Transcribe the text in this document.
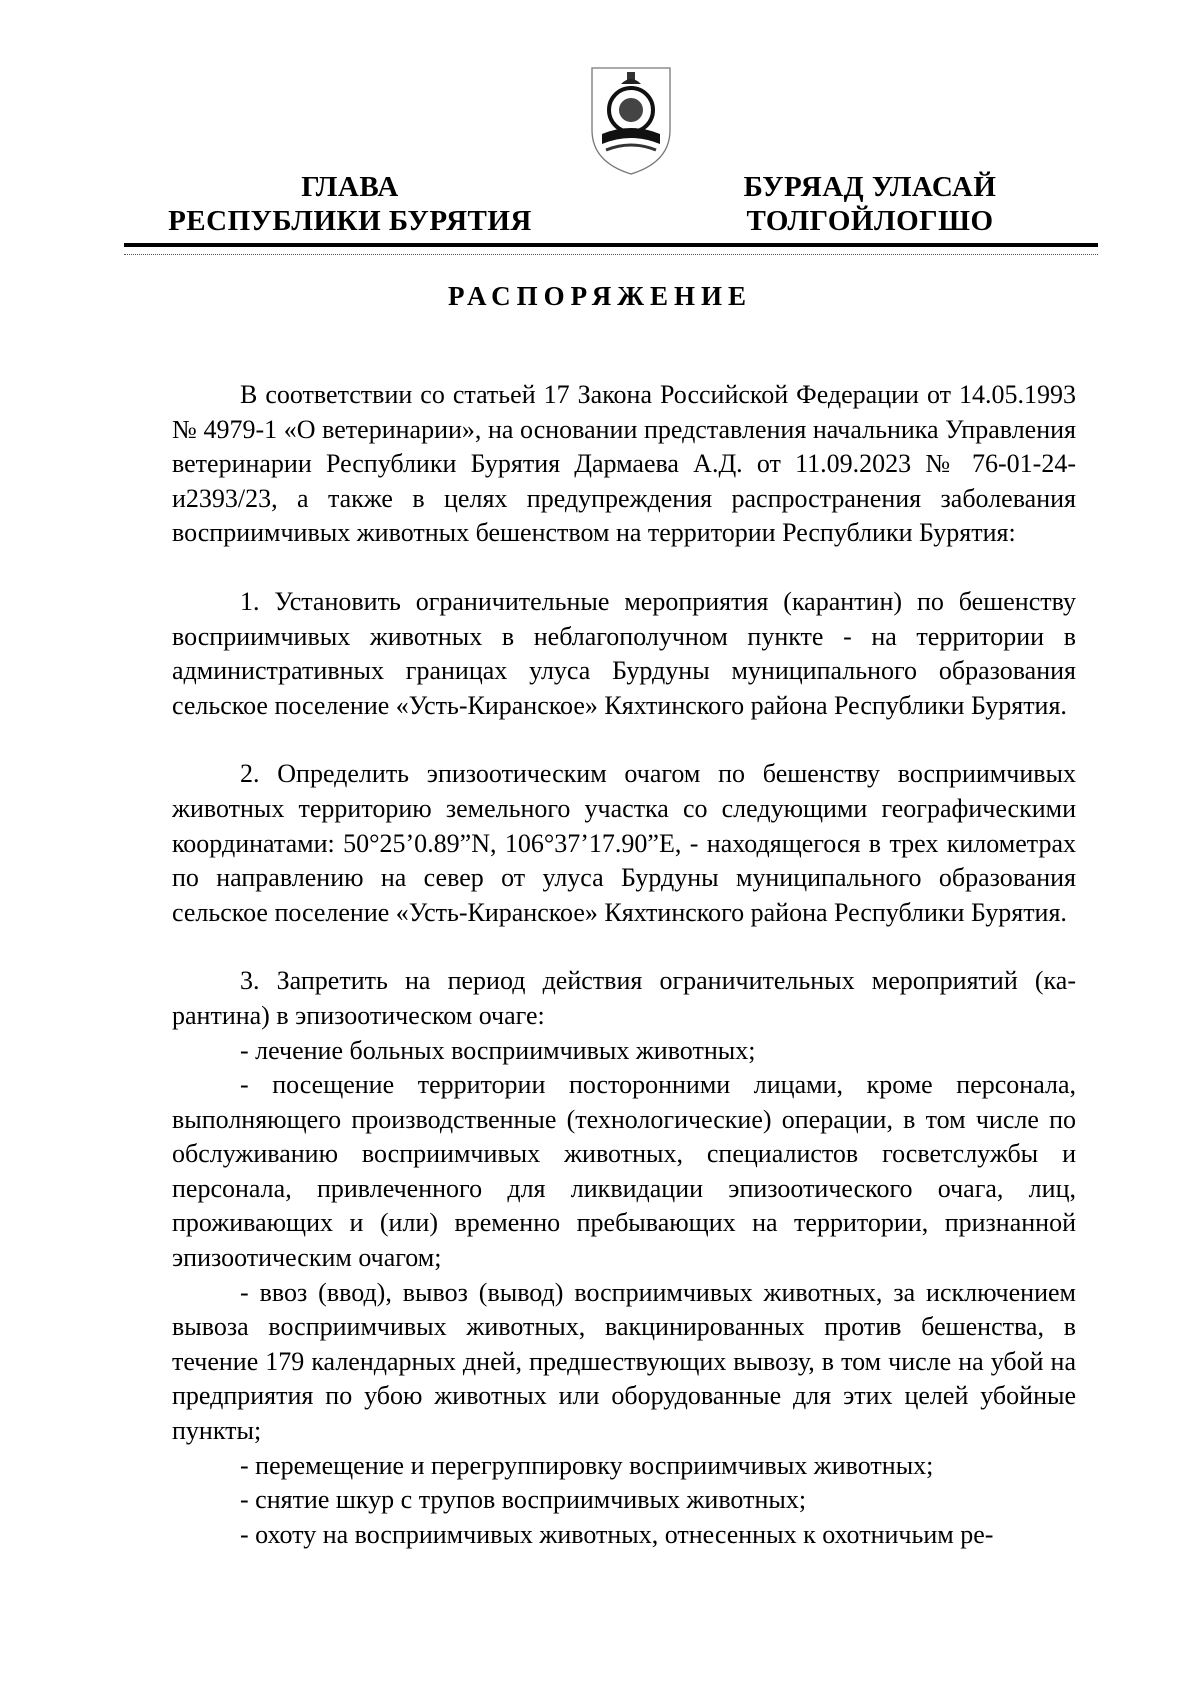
ГЛАВА
РЕСПУБЛИКИ БУРЯТИЯ
БУРЯАД УЛАСАЙ
ТОЛГОЙЛОГШО
РАСПОРЯЖЕНИЕ

В соответствии со статьей 17 Закона Российской Федерации от 14.05.1993 № 4979-1 «О ветеринарии», на основании представления начальника Управления ветеринарии Республики Бурятия Дармаева А.Д. от 11.09.2023 № 76-01-24-и2393/23, а также в целях предупреждения распространения заболевания восприимчивых животных бешенством на территории Республики Бурятия:

1. Установить ограничительные мероприятия (карантин) по бешенству восприимчивых животных в неблагополучном пункте - на территории в административных границах улуса Бурдуны муниципального образования сельское поселение «Усть-Киранское» Кяхтинского района Республики Бурятия.

2. Определить эпизоотическим очагом по бешенству восприимчивых животных территорию земельного участка со следующими географическими координатами: 50°25’0.89”N, 106°37’17.90”E, - находящегося в трех километрах по направлению на север от улуса Бурдуны муниципального образования сельское поселение «Усть-Киранское» Кяхтинского района Республики Бурятия.

3. Запретить на период действия ограничительных мероприятий (карантина) в эпизоотическом очаге:

- лечение больных восприимчивых животных;

- посещение территории посторонними лицами, кроме персонала, выполняющего производственные (технологические) операции, в том числе по обслуживанию восприимчивых животных, специалистов госветслужбы и персонала, привлеченного для ликвидации эпизоотического очага, лиц, проживающих и (или) временно пребывающих на территории, признанной эпизоотическим очагом;

- ввоз (ввод), вывоз (вывод) восприимчивых животных, за исключением вывоза восприимчивых животных, вакцинированных против бешенства, в течение 179 календарных дней, предшествующих вывозу, в том числе на убой на предприятия по убою животных или оборудованные для этих целей убойные пункты;

- перемещение и перегруппировку восприимчивых животных;

- снятие шкур с трупов восприимчивых животных;

- охоту на восприимчивых животных, отнесенных к охотничьим ре-
